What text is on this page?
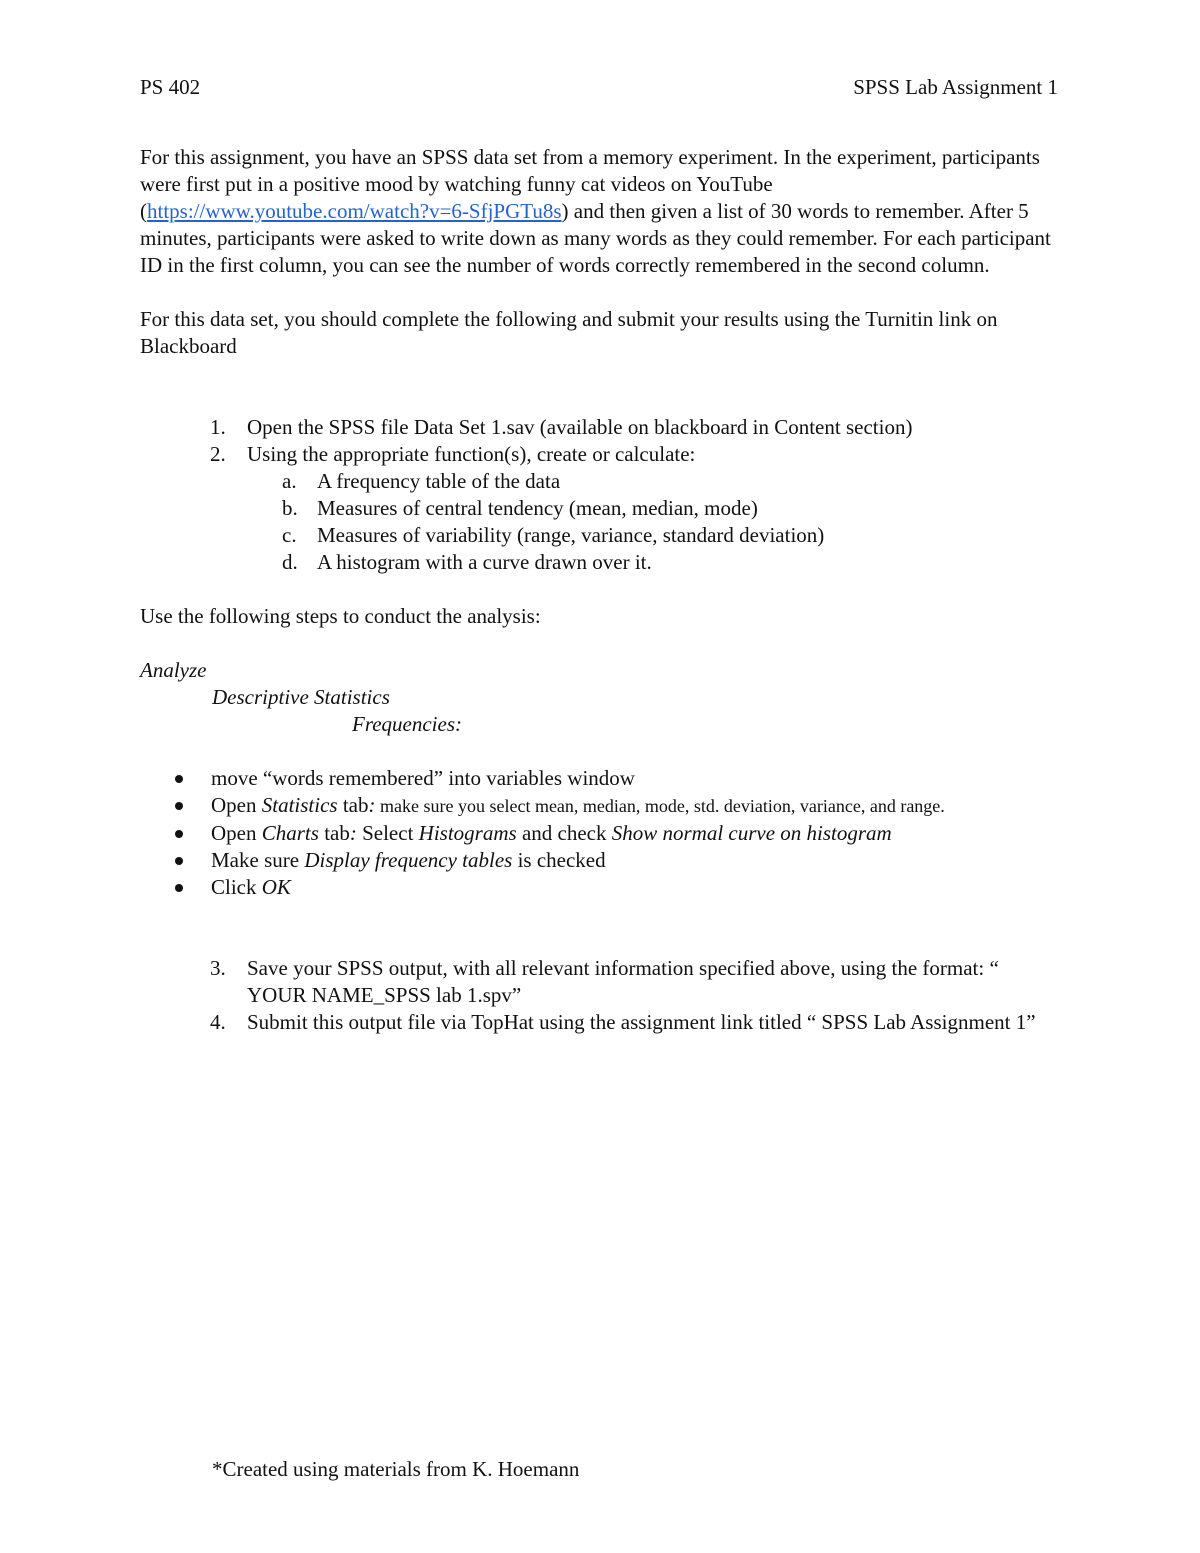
PS 402	SPSS Lab Assignment 1

For this assignment, you have an SPSS data set from a memory experiment. In the experiment, participants were first put in a positive mood by watching funny cat videos on YouTube (https://www.youtube.com/watch?v=6-SfjPGTu8s) and then given a list of 30 words to remember. After 5 minutes, participants were asked to write down as many words as they could remember. For each participant ID in the first column, you can see the number of words correctly remembered in the second column.

For this data set, you should complete the following and submit your results using the Turnitin link on Blackboard

1. Open the SPSS file Data Set 1.sav (available on blackboard in Content section)
2. Using the appropriate function(s), create or calculate:
a. A frequency table of the data
b. Measures of central tendency (mean, median, mode)
c. Measures of variability (range, variance, standard deviation)
d. A histogram with a curve drawn over it.

Use the following steps to conduct the analysis:

Analyze

Descriptive Statistics

Frequencies:

move “words remembered” into variables window
Open Statistics tab: make sure you select mean, median, mode, std. deviation, variance, and range.
Open Charts tab: Select Histograms and check Show normal curve on histogram
Make sure Display frequency tables is checked
Click OK
3. Save your SPSS output, with all relevant information specified above, using the format: “ YOUR NAME_SPSS lab 1.spv”
4. Submit this output file via TopHat using the assignment link titled “ SPSS Lab Assignment 1”
*Created using materials from K. Hoemann
